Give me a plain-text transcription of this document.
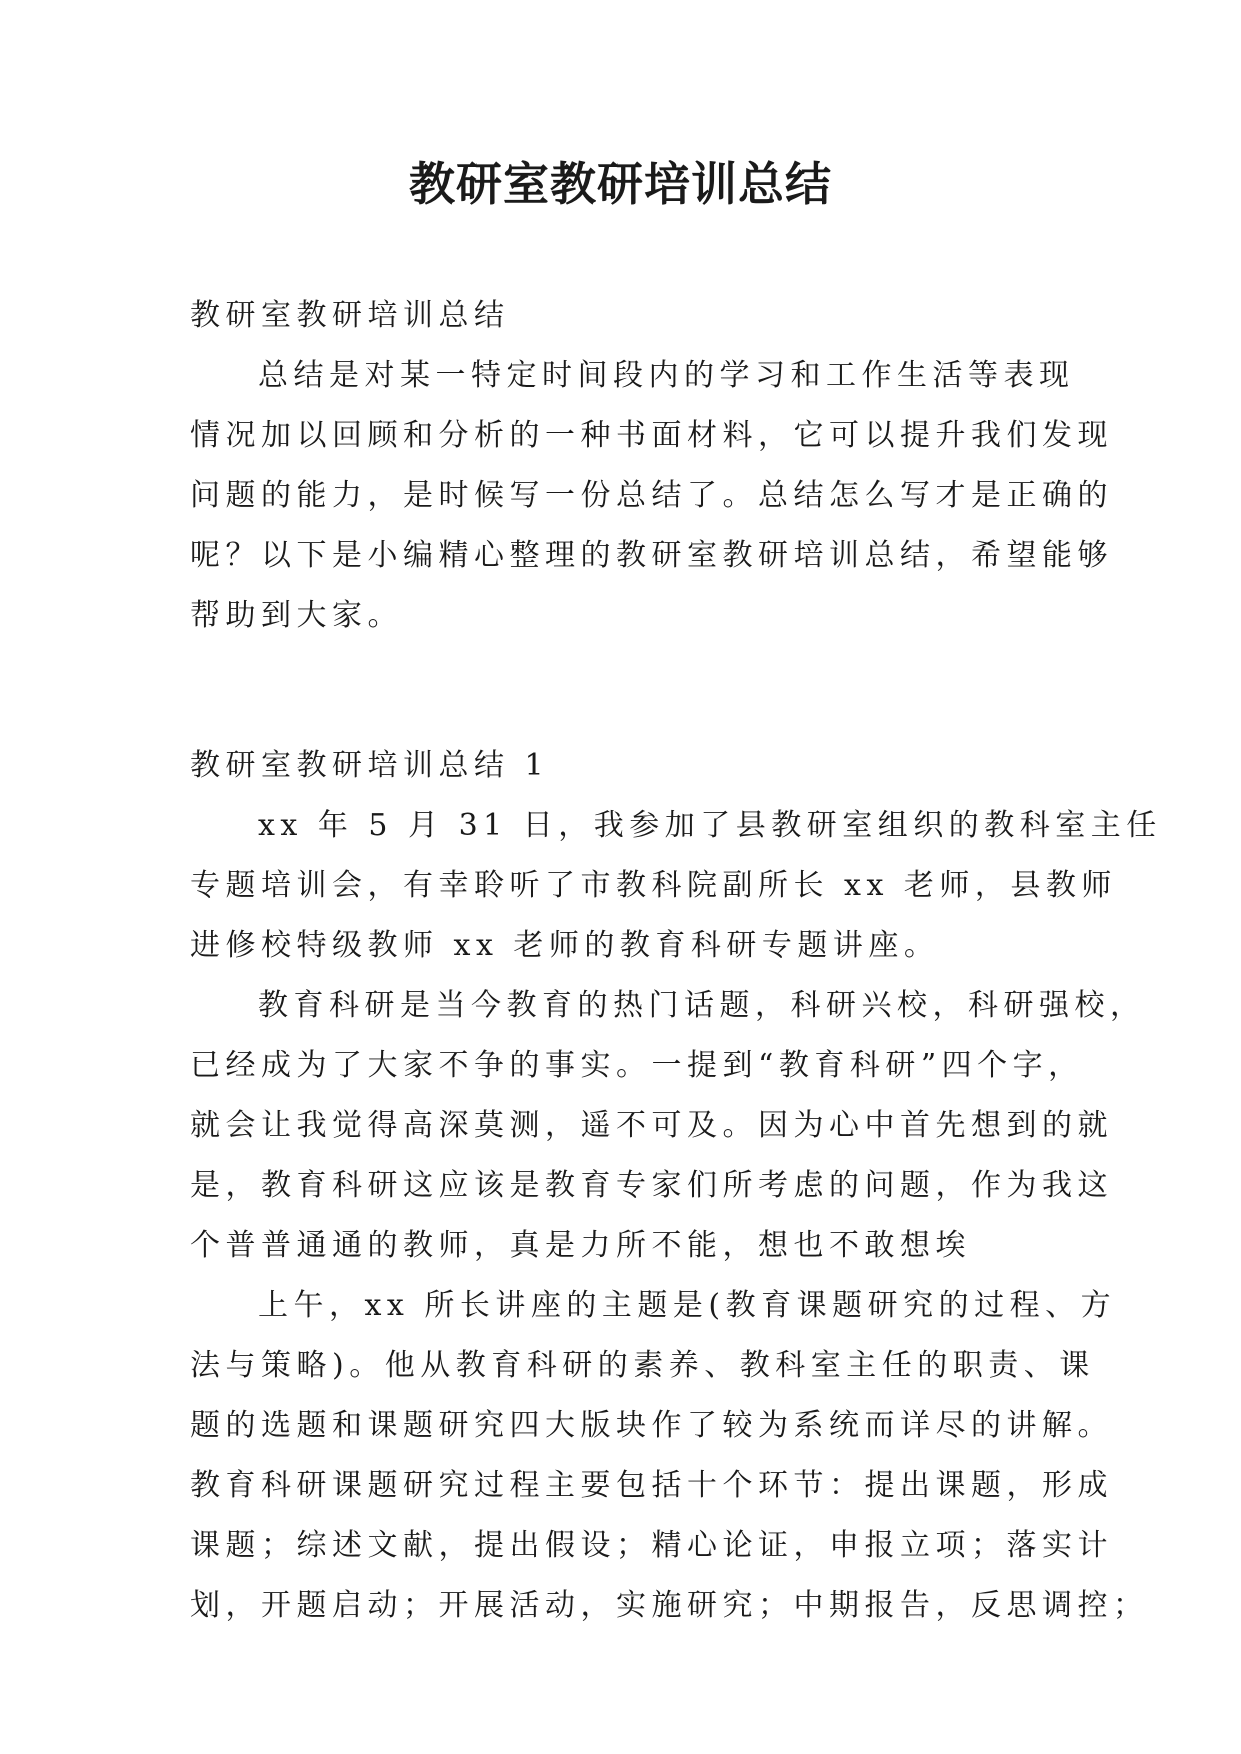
教研室教研培训总结
教研室教研培训总结
总结是对某一特定时间段内的学习和工作生活等表现
情况加以回顾和分析的一种书面材料，它可以提升我们发现
问题的能力，是时候写一份总结了。总结怎么写才是正确的
呢？以下是小编精心整理的教研室教研培训总结，希望能够
帮助到大家。
教研室教研培训总结 1
xx 年 5 月 31 日，我参加了县教研室组织的教科室主任
专题培训会，有幸聆听了市教科院副所长 xx 老师，县教师
进修校特级教师 xx 老师的教育科研专题讲座。
教育科研是当今教育的热门话题，科研兴校，科研强校，
已经成为了大家不争的事实。一提到“教育科研”四个字，
就会让我觉得高深莫测，遥不可及。因为心中首先想到的就
是，教育科研这应该是教育专家们所考虑的问题，作为我这
个普普通通的教师，真是力所不能，想也不敢想埃
上午，xx 所长讲座的主题是(教育课题研究的过程、方
法与策略)。他从教育科研的素养、教科室主任的职责、课
题的选题和课题研究四大版块作了较为系统而详尽的讲解。
教育科研课题研究过程主要包括十个环节：提出课题，形成
课题；综述文献，提出假设；精心论证，申报立项；落实计
划，开题启动；开展活动，实施研究；中期报告，反思调控；
